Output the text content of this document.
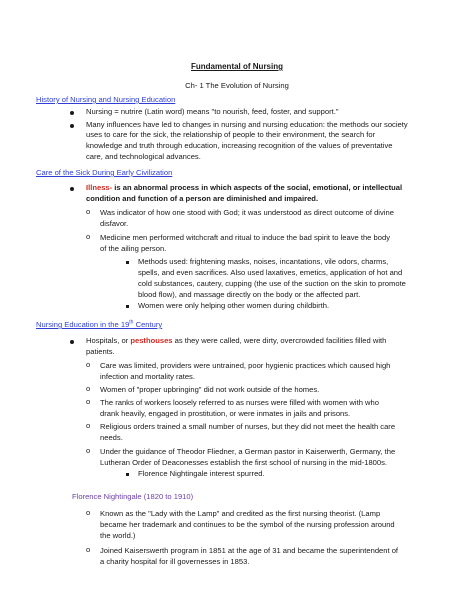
Fundamental of Nursing
Ch- 1 The Evolution of Nursing
History of Nursing and Nursing Education
Nursing = nutrire (Latin word) means "to nourish, feed, foster, and support."
Many influences have led to changes in nursing and nursing education: the methods our society
uses to care for the sick, the relationship of people to their environment, the search for
knowledge and truth through education, increasing recognition of the values of preventative
care, and technological advances.
Care of the Sick During Early Civilization
Illness- is an abnormal process in which aspects of the social, emotional, or intellectual
condition and function of a person are diminished and impaired.
o Was indicator of how one stood with God; it was understood as direct outcome of divine
disfavor.
o Medicine men performed witchcraft and ritual to induce the bad spirit to leave the body
of the ailing person.
Methods used: frightening masks, noises, incantations, vile odors, charms,
spells, and even sacrifices. Also used laxatives, emetics, application of hot and
cold substances, cautery, cupping (the use of the suction on the skin to promote
blood flow), and massage directly on the body or the affected part.
Women were only helping other women during childbirth.
Nursing Education in the 19th Century
Hospitals, or pesthouses as they were called, were dirty, overcrowded facilities filled with
patients.
o Care was limited, providers were untrained, poor hygienic practices which caused high
infection and mortality rates.
o Women of "proper upbringing" did not work outside of the homes.
o The ranks of workers loosely referred to as nurses were filled with women with who
drank heavily, engaged in prostitution, or were inmates in jails and prisons.
o Religious orders trained a small number of nurses, but they did not meet the health care
needs.
o Under the guidance of Theodor Fliedner, a German pastor in Kaiserwerth, Germany, the
Lutheran Order of Deaconesses establish the first school of nursing in the mid-1800s.
Florence Nightingale interest spurred.
Florence Nightingale (1820 to 1910)
o Known as the "Lady with the Lamp" and credited as the first nursing theorist. (Lamp
became her trademark and continues to be the symbol of the nursing profession around
the world.)
o Joined Kaiserswerth program in 1851 at the age of 31 and became the superintendent of
a charity hospital for ill governesses in 1853.
